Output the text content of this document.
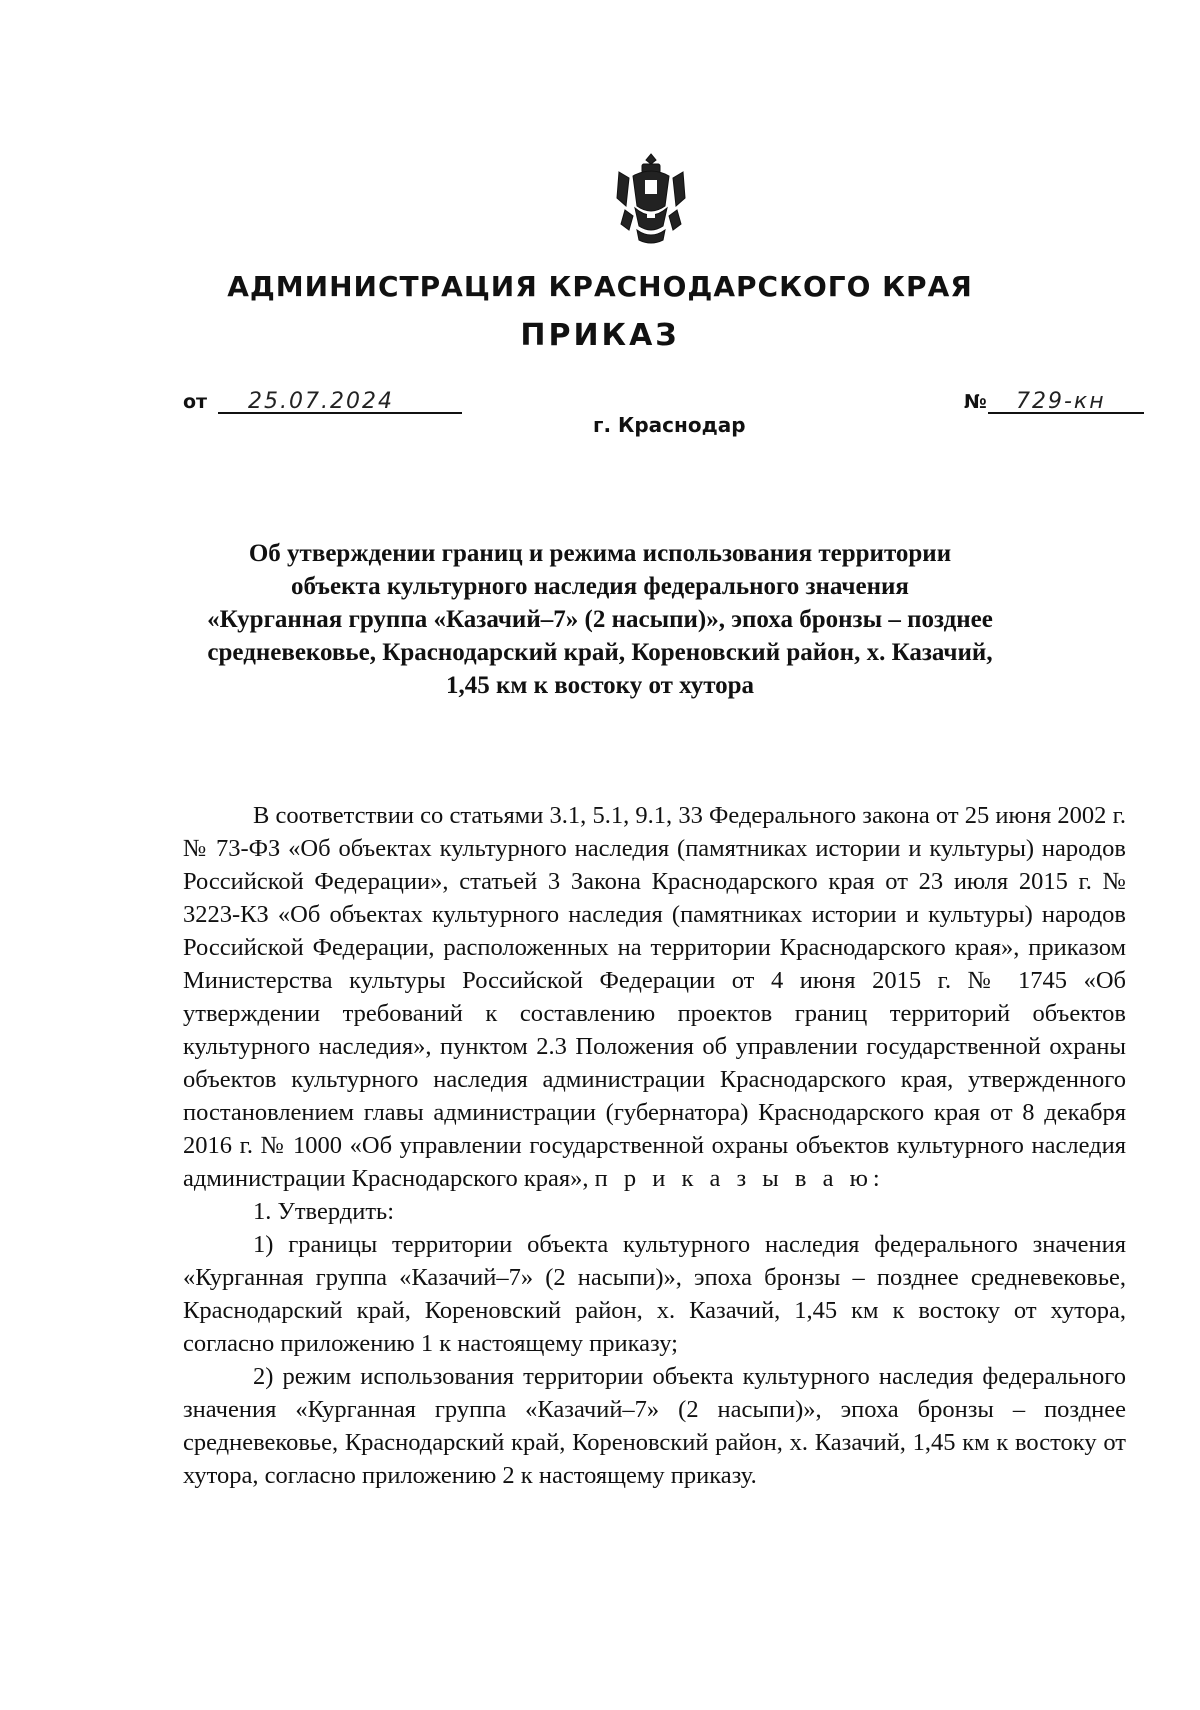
АДМИНИСТРАЦИЯ КРАСНОДАРСКОГО КРАЯ
ПРИКАЗ
от 25.07.2024
г. Краснодар
№ 729-кн
Об утверждении границ и режима использования территории
объекта культурного наследия федерального значения
«Курганная группа «Казачий–7» (2 насыпи)», эпоха бронзы – позднее
средневековье, Краснодарский край, Кореновский район, х. Казачий,
1,45 км к востоку от хутора

В соответствии со статьями 3.1, 5.1, 9.1, 33 Федерального закона от 25 июня 2002 г. № 73-ФЗ «Об объектах культурного наследия (памятниках истории и культуры) народов Российской Федерации», статьей 3 Закона Краснодарского края от 23 июля 2015 г. № 3223-КЗ «Об объектах культурного наследия (памятниках истории и культуры) народов Российской Федерации, расположенных на территории Краснодарского края», приказом Министерства культуры Российской Федерации от 4 июня 2015 г. № 1745 «Об утверждении требований к составлению проектов границ территорий объектов культурного наследия», пунктом 2.3 Положения об управлении государственной охраны объектов культурного наследия администрации Краснодарского края, утвержденного постановлением главы администрации (губернатора) Краснодарского края от 8 декабря 2016 г. № 1000 «Об управлении государственной охраны объектов культурного наследия администрации Краснодарского края», п р и к а з ы в а ю:

1. Утвердить:

1) границы территории объекта культурного наследия федерального значения «Курганная группа «Казачий–7» (2 насыпи)», эпоха бронзы – позднее средневековье, Краснодарский край, Кореновский район, х. Казачий, 1,45 км к востоку от хутора, согласно приложению 1 к настоящему приказу;

2) режим использования территории объекта культурного наследия федерального значения «Курганная группа «Казачий–7» (2 насыпи)», эпоха бронзы – позднее средневековье, Краснодарский край, Кореновский район, х. Казачий, 1,45 км к востоку от хутора, согласно приложению 2 к настоящему приказу.
